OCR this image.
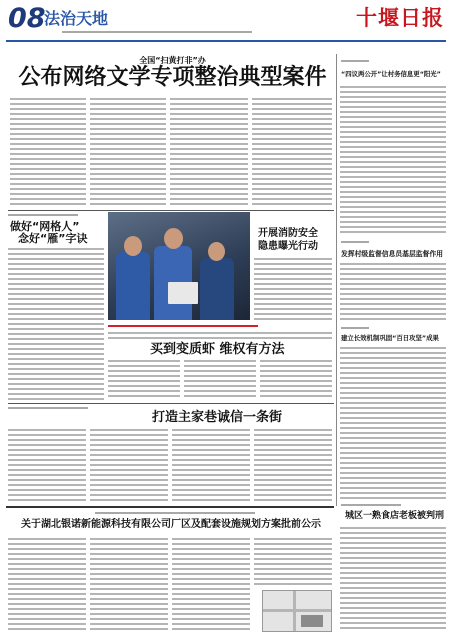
08
法治天地	十堰日报
全国“扫黄打非”办
公布网络文学专项整治典型案件
做好“网格人”
念好“雁”字诀	开展消防安全
隐患曝光行动
买到变质虾 维权有方法
打造主家巷诚信一条街
关于湖北银诺新能源科技有限公司厂区及配套设施规划方案批前公示
“四议两公开”让村务信息更“阳光”
发挥村级监督信息员基层监督作用
建立长效机制巩固“百日攻坚”成果
城区一熟食店老板被判刑
